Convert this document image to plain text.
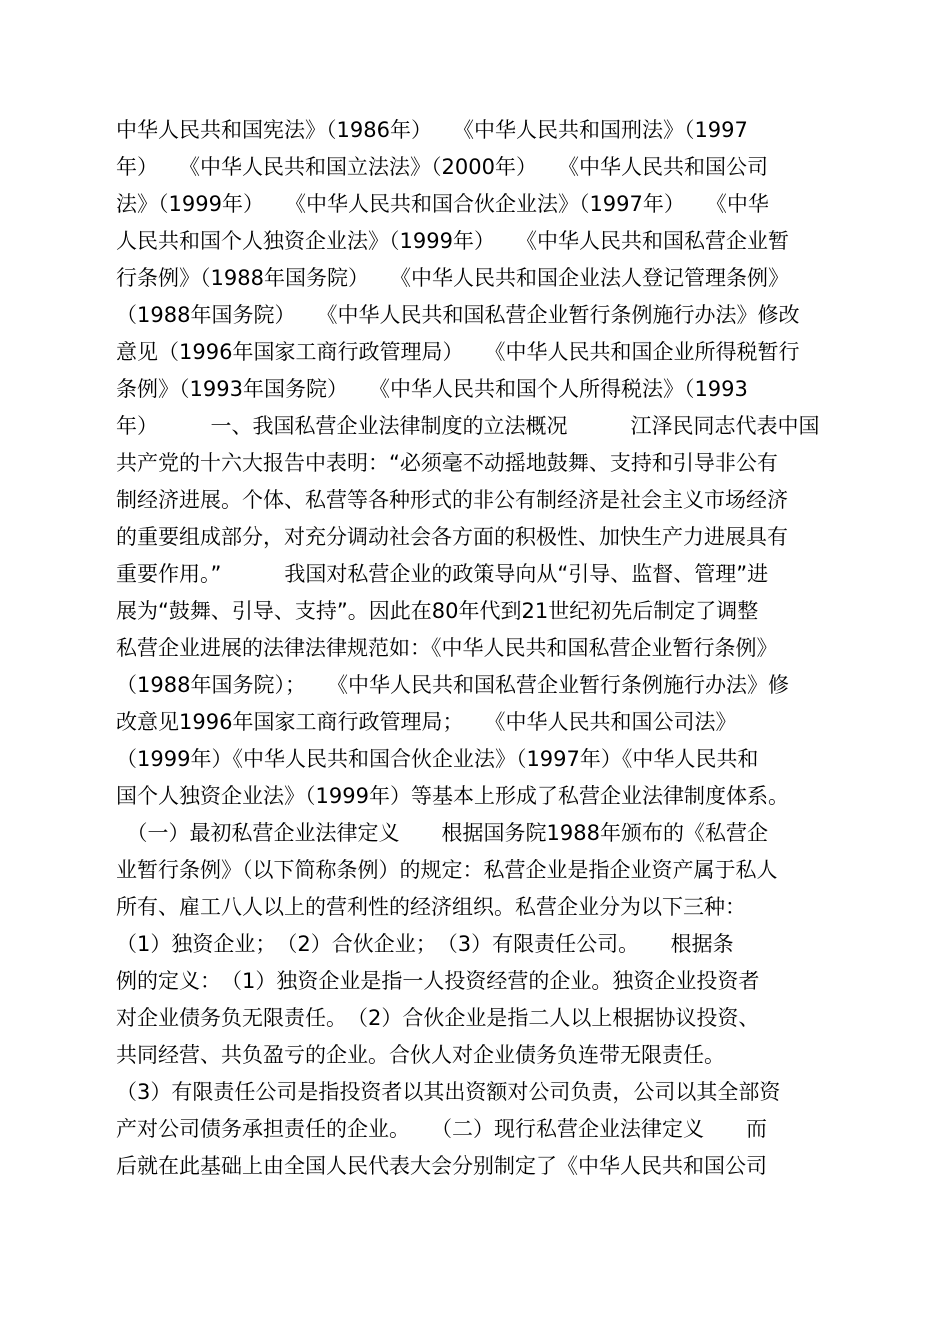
中华人民共和国宪法》（1986年）　　《中华人民共和国刑法》（1997
年）　　《中华人民共和国立法法》（2000年）　　《中华人民共和国公司
法》（1999年）　　《中华人民共和国合伙企业法》（1997年）　　《中华
人民共和国个人独资企业法》（1999年）　　《中华人民共和国私营企业暂
行条例》（1988年国务院）　　《中华人民共和国企业法人登记管理条例》
（1988年国务院）　　《中华人民共和国私营企业暂行条例施行办法》修改
意见（1996年国家工商行政管理局）　　《中华人民共和国企业所得税暂行
条例》（1993年国务院）　　《中华人民共和国个人所得税法》（1993
年）　　　一、我国私营企业法律制度的立法概况　　　江泽民同志代表中国
共产党的十六大报告中表明：“必须毫不动摇地鼓舞、支持和引导非公有
制经济进展。个体、私营等各种形式的非公有制经济是社会主义市场经济
的重要组成部分，对充分调动社会各方面的积极性、加快生产力进展具有
重要作用。”　　　我国对私营企业的政策导向从“引导、监督、管理”进
展为“鼓舞、引导、支持”。因此在80年代到21世纪初先后制定了调整
私营企业进展的法律法律规范如：《中华人民共和国私营企业暂行条例》
（1988年国务院）；　　《中华人民共和国私营企业暂行条例施行办法》修
改意见1996年国家工商行政管理局；　　《中华人民共和国公司法》
（1999年）《中华人民共和国合伙企业法》（1997年）《中华人民共和
国个人独资企业法》（1999年）等基本上形成了私营企业法律制度体系。
　（一）最初私营企业法律定义　　根据国务院1988年颁布的《私营企
业暂行条例》（以下简称条例）的规定：私营企业是指企业资产属于私人
所有、雇工八人以上的营利性的经济组织。私营企业分为以下三种：
（1）独资企业；　（2）合伙企业；　（3）有限责任公司。　　根据条
例的定义：　（1）独资企业是指一人投资经营的企业。独资企业投资者
对企业债务负无限责任。　（2）合伙企业是指二人以上根据协议投资、
共同经营、共负盈亏的企业。合伙人对企业债务负连带无限责任。
（3）有限责任公司是指投资者以其出资额对公司负责，公司以其全部资
产对公司债务承担责任的企业。　　（二）现行私营企业法律定义　　而
后就在此基础上由全国人民代表大会分别制定了《中华人民共和国公司
